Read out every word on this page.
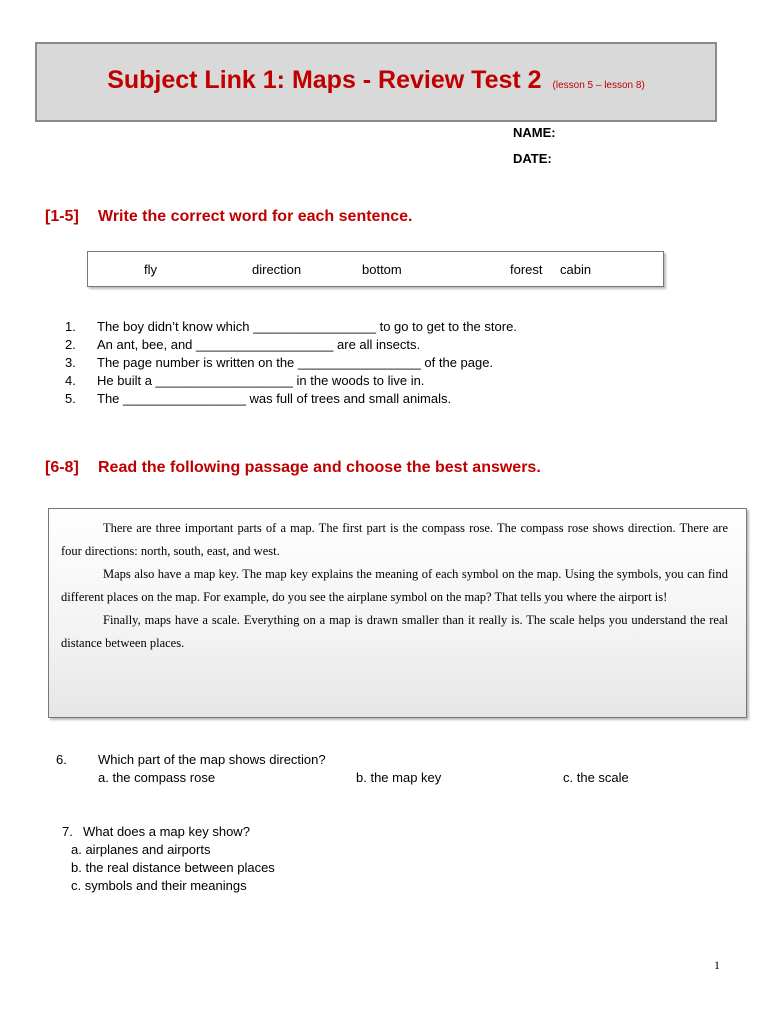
Subject Link 1: Maps - Review Test 2 (lesson 5 – lesson 8)
NAME:
DATE:
[1-5] Write the correct word for each sentence.
fly	direction	bottom	forest cabin
1.	The boy didn’t know which _________________ to go to get to the store.
2.	An ant, bee, and ___________________ are all insects.
3.	The page number is written on the _________________ of the page.
4.	He built a ___________________ in the woods to live in.
5.	The _________________ was full of trees and small animals.
[6-8] Read the following passage and choose the best answers.

There are three important parts of a map. The first part is the compass rose. The compass rose shows direction. There are four directions: north, south, east, and west.

Maps also have a map key. The map key explains the meaning of each symbol on the map. Using the symbols, you can find different places on the map. For example, do you see the airplane symbol on the map? That tells you where the airport is!

Finally, maps have a scale. Everything on a map is drawn smaller than it really is. The scale helps you understand the real distance between places.

6. Which part of the map shows direction?
a. the compass rose	b. the map key	c. the scale
7. What does a map key show?
a. airplanes and airports
b. the real distance between places
c. symbols and their meanings
1
